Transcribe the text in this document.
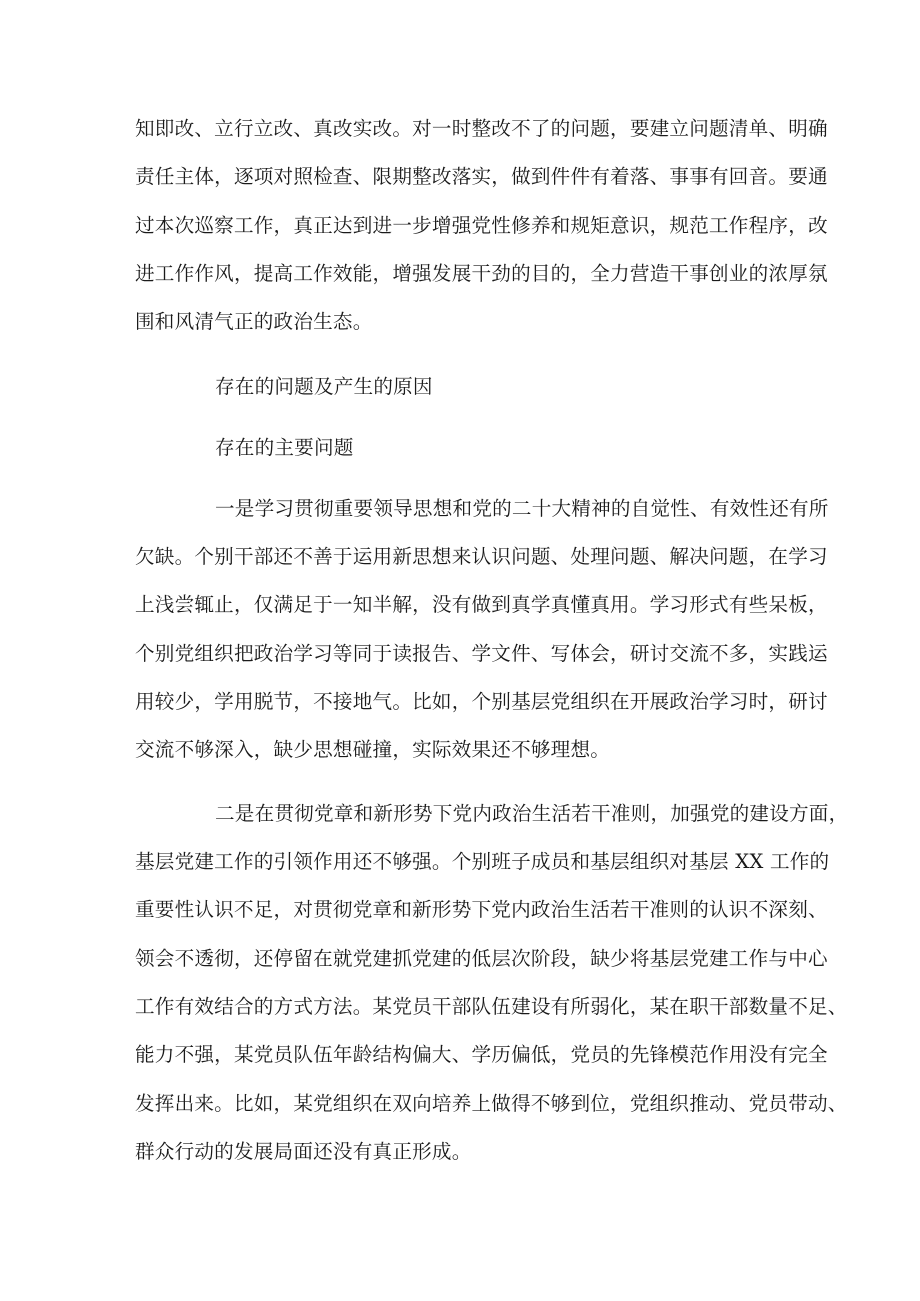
知即改、立行立改、真改实改。对一时整改不了的问题，要建立问题清单、明确
责任主体，逐项对照检查、限期整改落实，做到件件有着落、事事有回音。要通
过本次巡察工作，真正达到进一步增强党性修养和规矩意识，规范工作程序，改
进工作作风，提高工作效能，增强发展干劲的目的，全力营造干事创业的浓厚氛
围和风清气正的政治生态。
存在的问题及产生的原因
存在的主要问题
一是学习贯彻重要领导思想和党的二十大精神的自觉性、有效性还有所
欠缺。个别干部还不善于运用新思想来认识问题、处理问题、解决问题，在学习
上浅尝辄止，仅满足于一知半解，没有做到真学真懂真用。学习形式有些呆板，
个别党组织把政治学习等同于读报告、学文件、写体会，研讨交流不多，实践运
用较少，学用脱节，不接地气。比如，个别基层党组织在开展政治学习时，研讨
交流不够深入，缺少思想碰撞，实际效果还不够理想。
二是在贯彻党章和新形势下党内政治生活若干准则，加强党的建设方面，
基层党建工作的引领作用还不够强。个别班子成员和基层组织对基层 XX 工作的
重要性认识不足，对贯彻党章和新形势下党内政治生活若干准则的认识不深刻、
领会不透彻，还停留在就党建抓党建的低层次阶段，缺少将基层党建工作与中心
工作有效结合的方式方法。某党员干部队伍建设有所弱化，某在职干部数量不足、
能力不强，某党员队伍年龄结构偏大、学历偏低，党员的先锋模范作用没有完全
发挥出来。比如，某党组织在双向培养上做得不够到位，党组织推动、党员带动、
群众行动的发展局面还没有真正形成。
